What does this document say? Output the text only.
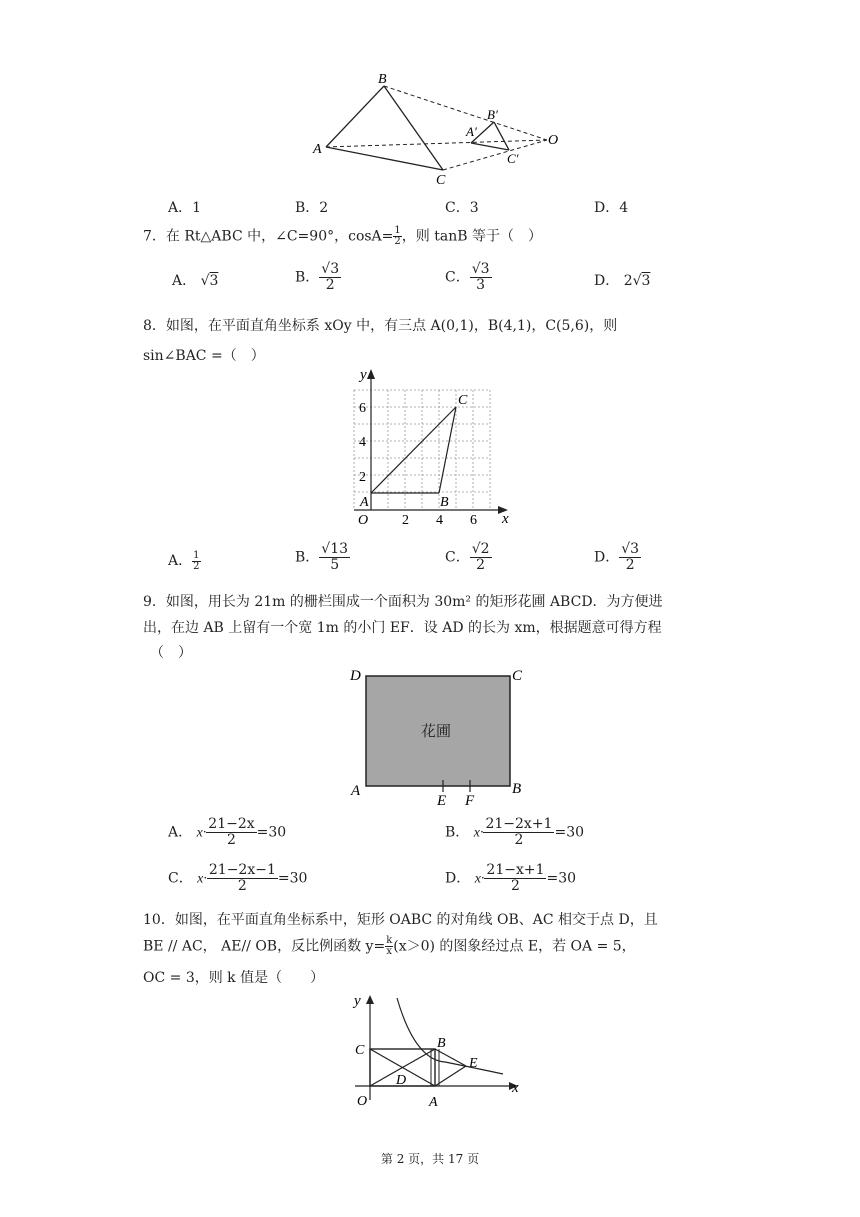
B
A
C
B′
A′
C′
O
A．1	B．2	C．3	D．4
7．在 Rt△ABC 中，∠C=90°，$\cos A= \frac{1}{2}$ ，则 tanB 等于（　）
A． √3	B． $\frac{√3}{2}$	C． $\frac{√3}{3}$	D． 2√3
8．如图，在平面直角坐标系 xOy 中，有三点 A(0,1)，B(4,1)，C(5,6)，则
sin∠BAC =（　）
y
x
O 2 4 6
2
4
6
A	B
C
A． $\frac{1}{2}$	B． $\frac{√13}{5}$	C． $\frac{√2}{2}$	D． $\frac{√3}{2}$
9．如图，用长为 21m 的栅栏围成一个面积为 30m² 的矩形花圃 ABCD．为方便进
出，在边 AB 上留有一个宽 1m 的小门 EF．设 AD 的长为 xm，根据题意可得方程
（　）
花圃
D	C
A	B
E F
A． $x\cdot \frac{21-2x}{2} =30$	B． $x\cdot \frac{21-2x+1}{2} =30$
C． $x\cdot \frac{21-2x-1}{2} =30$	D． $x\cdot \frac{21-x+1}{2} =30$
10．如图，在平面直角坐标系中，矩形 OABC 的对角线 OB、AC 相交于点 D，且
BE // AC， AE// OB，反比例函数 $y= \frac{k}{x} (x>0)$ 的图象经过点 E，若 OA = 5，
OC = 3，则 k 值是（　　）
y
x
O	A
B
C
D
E
第 2 页，共 17 页
